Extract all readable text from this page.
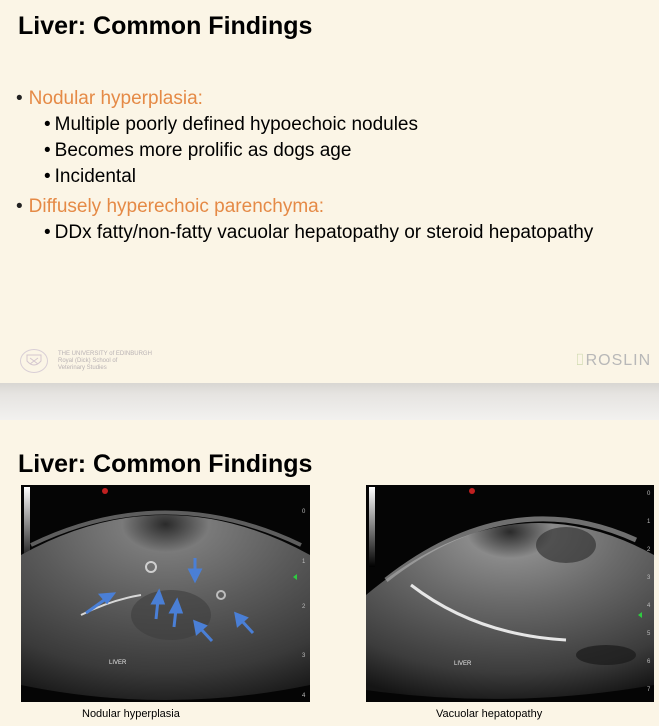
Liver: Common Findings
• Nodular hyperplasia:
• Multiple poorly defined hypoechoic nodules
• Becomes more prolific as dogs age
• Incidental
• Diffusely hyperechoic parenchyma:
• DDx fatty/non-fatty vacuolar hepatopathy or steroid hepatopathy
THE UNIVERSITY of EDINBURGH
Royal (Dick) School of
Veterinary Studies	⌷ROSLIN
Liver: Common Findings
0
1
2
3
4
LIVER
0
1
2
3
4
5
6
7
LIVER
Nodular hyperplasia	Vacuolar hepatopathy
